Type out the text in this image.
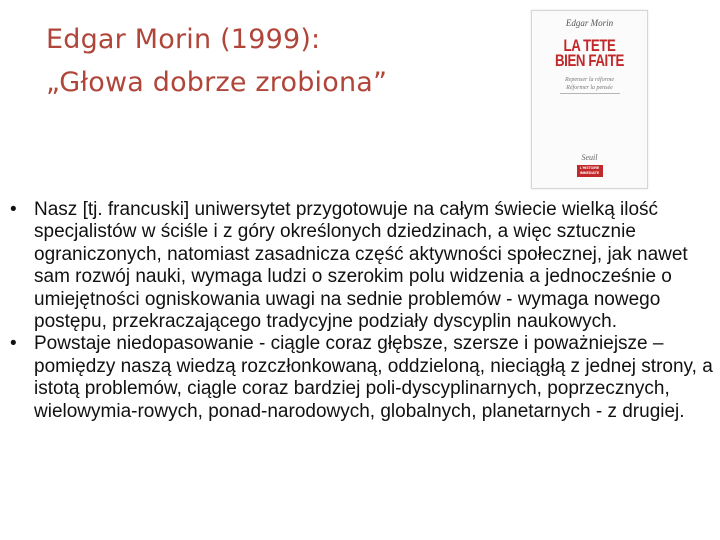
Edgar Morin (1999):
„Głowa dobrze zrobiona”
Edgar Morin
LA TETE
BIEN FAITE
Repenser la réforme
Réformer la pensée
Seuil
L'HISTOIRE
IMMEDIATE
• Nasz [tj. francuski] uniwersytet przygotowuje na całym świecie wielką ilość specjalistów w ściśle i z góry określonych dziedzinach, a więc sztucznie ograniczonych, natomiast zasadnicza część aktywności społecznej, jak nawet sam rozwój nauki, wymaga ludzi o szerokim polu widzenia a jednocześnie o umiejętności ogniskowania uwagi na sednie problemów - wymaga nowego postępu, przekraczającego tradycyjne podziały dyscyplin naukowych.
• Powstaje niedopasowanie - ciągle coraz głębsze, szersze i poważniejsze – pomiędzy naszą wiedzą rozczłonkowaną, oddzieloną, nieciągłą z jednej strony, a istotą problemów, ciągle coraz bardziej poli-dyscyplinarnych, poprzecznych, wielowymia-rowych, ponad-narodowych, globalnych, planetarnych - z drugiej.
